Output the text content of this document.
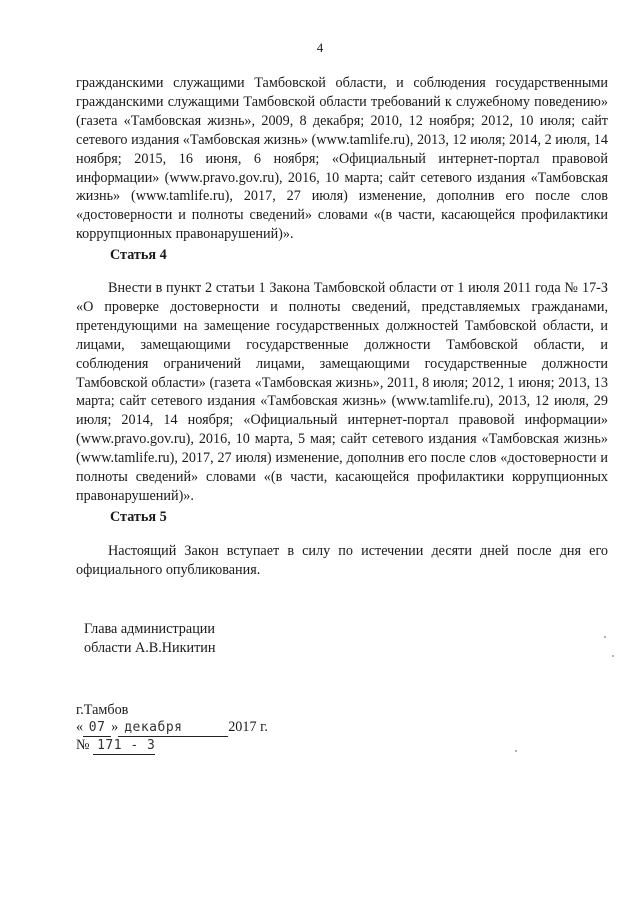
4

гражданскими служащими Тамбовской области, и соблюдения государственными гражданскими служащими Тамбовской области требований к служебному поведению» (газета «Тамбовская жизнь», 2009, 8 декабря; 2010, 12 ноября; 2012, 10 июля; сайт сетевого издания «Тамбовская жизнь» (www.tamlife.ru), 2013, 12 июля; 2014, 2 июля, 14 ноября; 2015, 16 июня, 6 ноября; «Официальный интернет-портал правовой информации» (www.pravo.gov.ru), 2016, 10 марта; сайт сетевого издания «Тамбовская жизнь» (www.tamlife.ru), 2017, 27 июля) изменение, дополнив его после слов «достоверности и полноты сведений» словами «(в части, касающейся профилактики коррупционных правонарушений)».

Статья 4

Внести в пункт 2 статьи 1 Закона Тамбовской области от 1 июля 2011 года № 17-З «О проверке достоверности и полноты сведений, представляемых гражданами, претендующими на замещение государственных должностей Тамбовской области, и лицами, замещающими государственные должности Тамбовской области, и соблюдения ограничений лицами, замещающими государственные должности Тамбовской области» (газета «Тамбовская жизнь», 2011, 8 июля; 2012, 1 июня; 2013, 13 марта; сайт сетевого издания «Тамбовская жизнь» (www.tamlife.ru), 2013, 12 июля, 29 июля; 2014, 14 ноября; «Официальный интернет-портал правовой информации» (www.pravo.gov.ru), 2016, 10 марта, 5 мая; сайт сетевого издания «Тамбовская жизнь» (www.tamlife.ru), 2017, 27 июля) изменение, дополнив его после слов «достоверности и полноты сведений» словами «(в части, касающейся профилактики коррупционных правонарушений)».

Статья 5

Настоящий Закон вступает в силу по истечении десяти дней после дня его официального опубликования.

Глава администрации
области А.В.Никитин
г.Тамбов
« 07 » декабря	2017 г.
№ 171 - З
